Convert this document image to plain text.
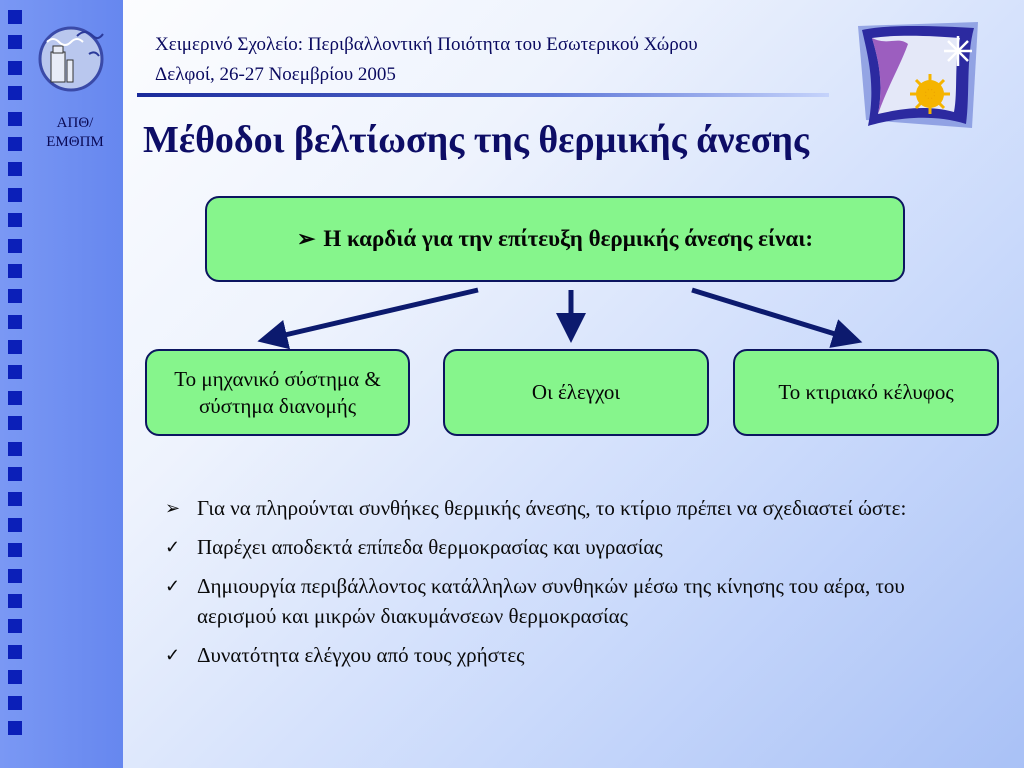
ΑΠΘ/
ΕΜΘΠΜ
Χειμερινό Σχολείο: Περιβαλλοντική Ποιότητα του Εσωτερικού Χώρου
Δελφοί, 26-27 Νοεμβρίου 2005
Μέθοδοι βελτίωσης της θερμικής άνεσης
➢ Η καρδιά για την επίτευξη θερμικής άνεσης είναι:
Το μηχανικό σύστημα & σύστημα διανομής
Οι έλεγχοι	Το κτιριακό κέλυφος
➢ Για να πληρούνται συνθήκες θερμικής άνεσης, το κτίριο πρέπει να σχεδιαστεί ώστε:
✓ Παρέχει αποδεκτά επίπεδα θερμοκρασίας και υγρασίας
✓ Δημιουργία περιβάλλοντος κατάλληλων συνθηκών μέσω της κίνησης του αέρα, του αερισμού και μικρών διακυμάνσεων θερμοκρασίας
✓ Δυνατότητα ελέγχου από τους χρήστες
